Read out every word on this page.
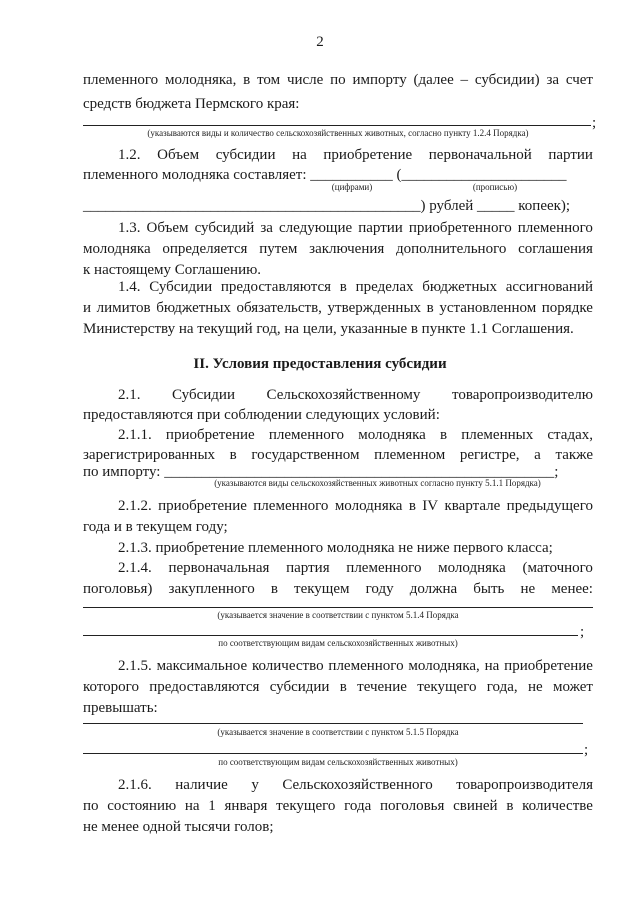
2
племенного молодняка, в том числе по импорту (далее – субсидии) за счет
средств бюджета Пермского края:
;
(указываются виды и количество сельскохозяйственных животных, согласно пункту 1.2.4 Порядка)
1.2. Объем субсидии на приобретение первоначальной партии
племенного молодняка составляет: ___________ (______________________
(цифрами)	(прописью)
_____________________________________________) рублей _____ копеек);
1.3. Объем субсидий за следующие партии приобретенного племенного
молодняка определяется путем заключения дополнительного соглашения
к настоящему Соглашению.
1.4. Субсидии предоставляются в пределах бюджетных ассигнований
и лимитов бюджетных обязательств, утвержденных в установленном порядке
Министерству на текущий год, на цели, указанные в пункте 1.1 Соглашения.
II. Условия предоставления субсидии
2.1. Субсидии Сельскохозяйственному товаропроизводителю
предоставляются при соблюдении следующих условий:
2.1.1. приобретение племенного молодняка в племенных стадах,
зарегистрированных в государственном племенном регистре, а также
по импорту: ____________________________________________________;
(указываются виды сельскохозяйственных животных согласно пункту 5.1.1 Порядка)
2.1.2. приобретение племенного молодняка в IV квартале предыдущего
года и в текущем году;
2.1.3. приобретение племенного молодняка не ниже первого класса;
2.1.4. первоначальная партия племенного молодняка (маточного
поголовья) закупленного в текущем году должна быть не менее:
(указывается значение в соответствии с пунктом 5.1.4 Порядка
;
по соответствующим видам сельскохозяйственных животных)
2.1.5. максимальное количество племенного молодняка, на приобретение
которого предоставляются субсидии в течение текущего года, не может
превышать:
(указывается значение в соответствии с пунктом 5.1.5 Порядка
;
по соответствующим видам сельскохозяйственных животных)
2.1.6. наличие у Сельскохозяйственного товаропроизводителя
по состоянию на 1 января текущего года поголовья свиней в количестве
не менее одной тысячи голов;
